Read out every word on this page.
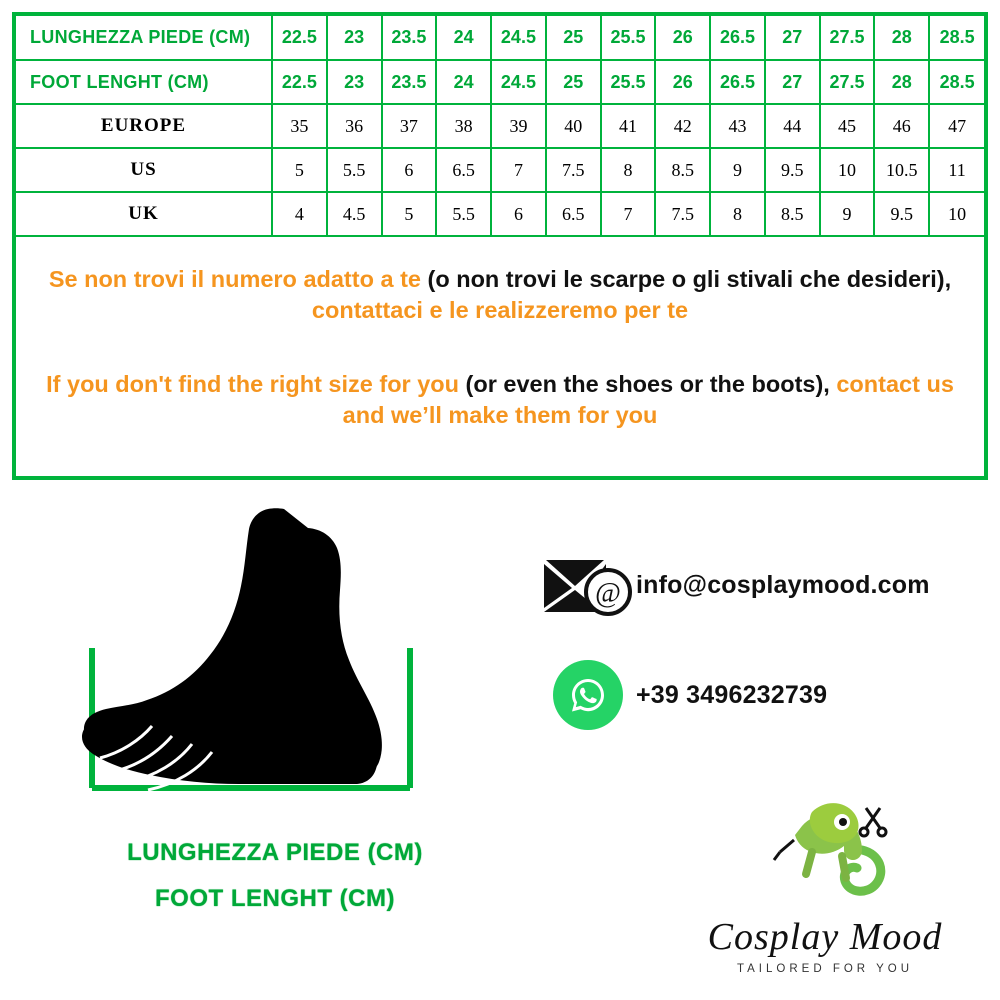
LUNGHEZZA PIEDE (CM)	22.5	23	23.5	24	24.5	25	25.5	26	26.5	27	27.5	28	28.5
FOOT LENGHT (CM)	22.5	23	23.5	24	24.5	25	25.5	26	26.5	27	27.5	28	28.5
EUROPE	35	36	37	38	39	40	41	42	43	44	45	46	47
US	5	5.5	6	6.5	7	7.5	8	8.5	9	9.5	10	10.5	11
UK	4	4.5	5	5.5	6	6.5	7	7.5	8	8.5	9	9.5	10

Se non trovi il numero adatto a te (o non trovi le scarpe o gli stivali che desideri), contattaci e le realizzeremo per te

If you don't find the right size for you (or even the shoes or the boots), contact us and we’ll make them for you

LUNGHEZZA PIEDE (CM)
FOOT LENGHT (CM)
@ info@cosplaymood.com
+39 3496232739
Cosplay Mood
TAILORED FOR YOU
